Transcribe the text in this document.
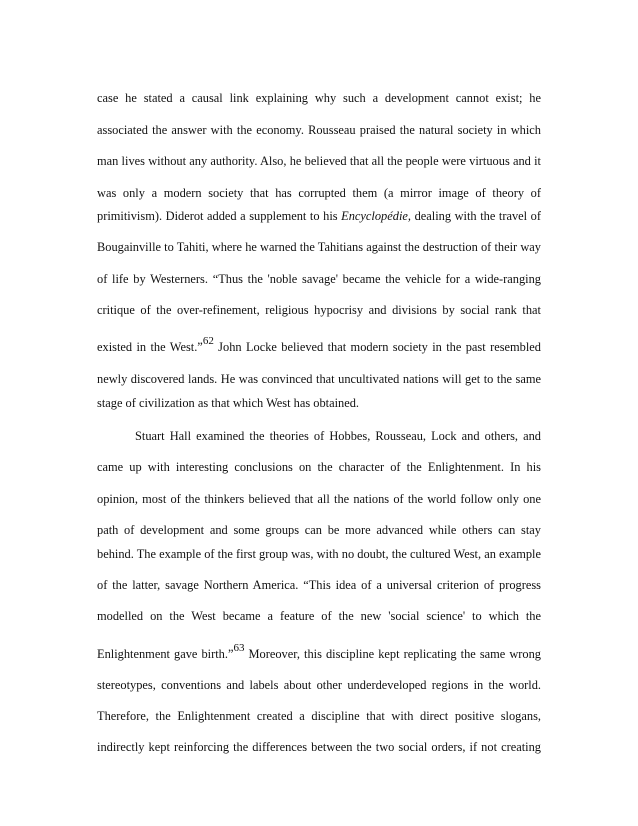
case he stated a causal link explaining why such a development cannot exist; he
associated the answer with the economy. Rousseau praised the natural society in which
man lives without any authority. Also, he believed that all the people were virtuous and it
was only a modern society that has corrupted them (a mirror image of theory of
primitivism). Diderot added a supplement to his Encyclopédie, dealing with the travel of
Bougainville to Tahiti, where he warned the Tahitians against the destruction of their way
of life by Westerners. “Thus the 'noble savage' became the vehicle for a wide-ranging
critique of the over-refinement, religious hypocrisy and divisions by social rank that
existed in the West.”62 John Locke believed that modern society in the past resembled
newly discovered lands. He was convinced that uncultivated nations will get to the same
stage of civilization as that which West has obtained.
Stuart Hall examined the theories of Hobbes, Rousseau, Lock and others, and
came up with interesting conclusions on the character of the Enlightenment. In his
opinion, most of the thinkers believed that all the nations of the world follow only one
path of development and some groups can be more advanced while others can stay
behind. The example of the first group was, with no doubt, the cultured West, an example
of the latter, savage Northern America. “This idea of a universal criterion of progress
modelled on the West became a feature of the new 'social science' to which the
Enlightenment gave birth.”63 Moreover, this discipline kept replicating the same wrong
stereotypes, conventions and labels about other underdeveloped regions in the world.
Therefore, the Enlightenment created a discipline that with direct positive slogans,
indirectly kept reinforcing the differences between the two social orders, if not creating
